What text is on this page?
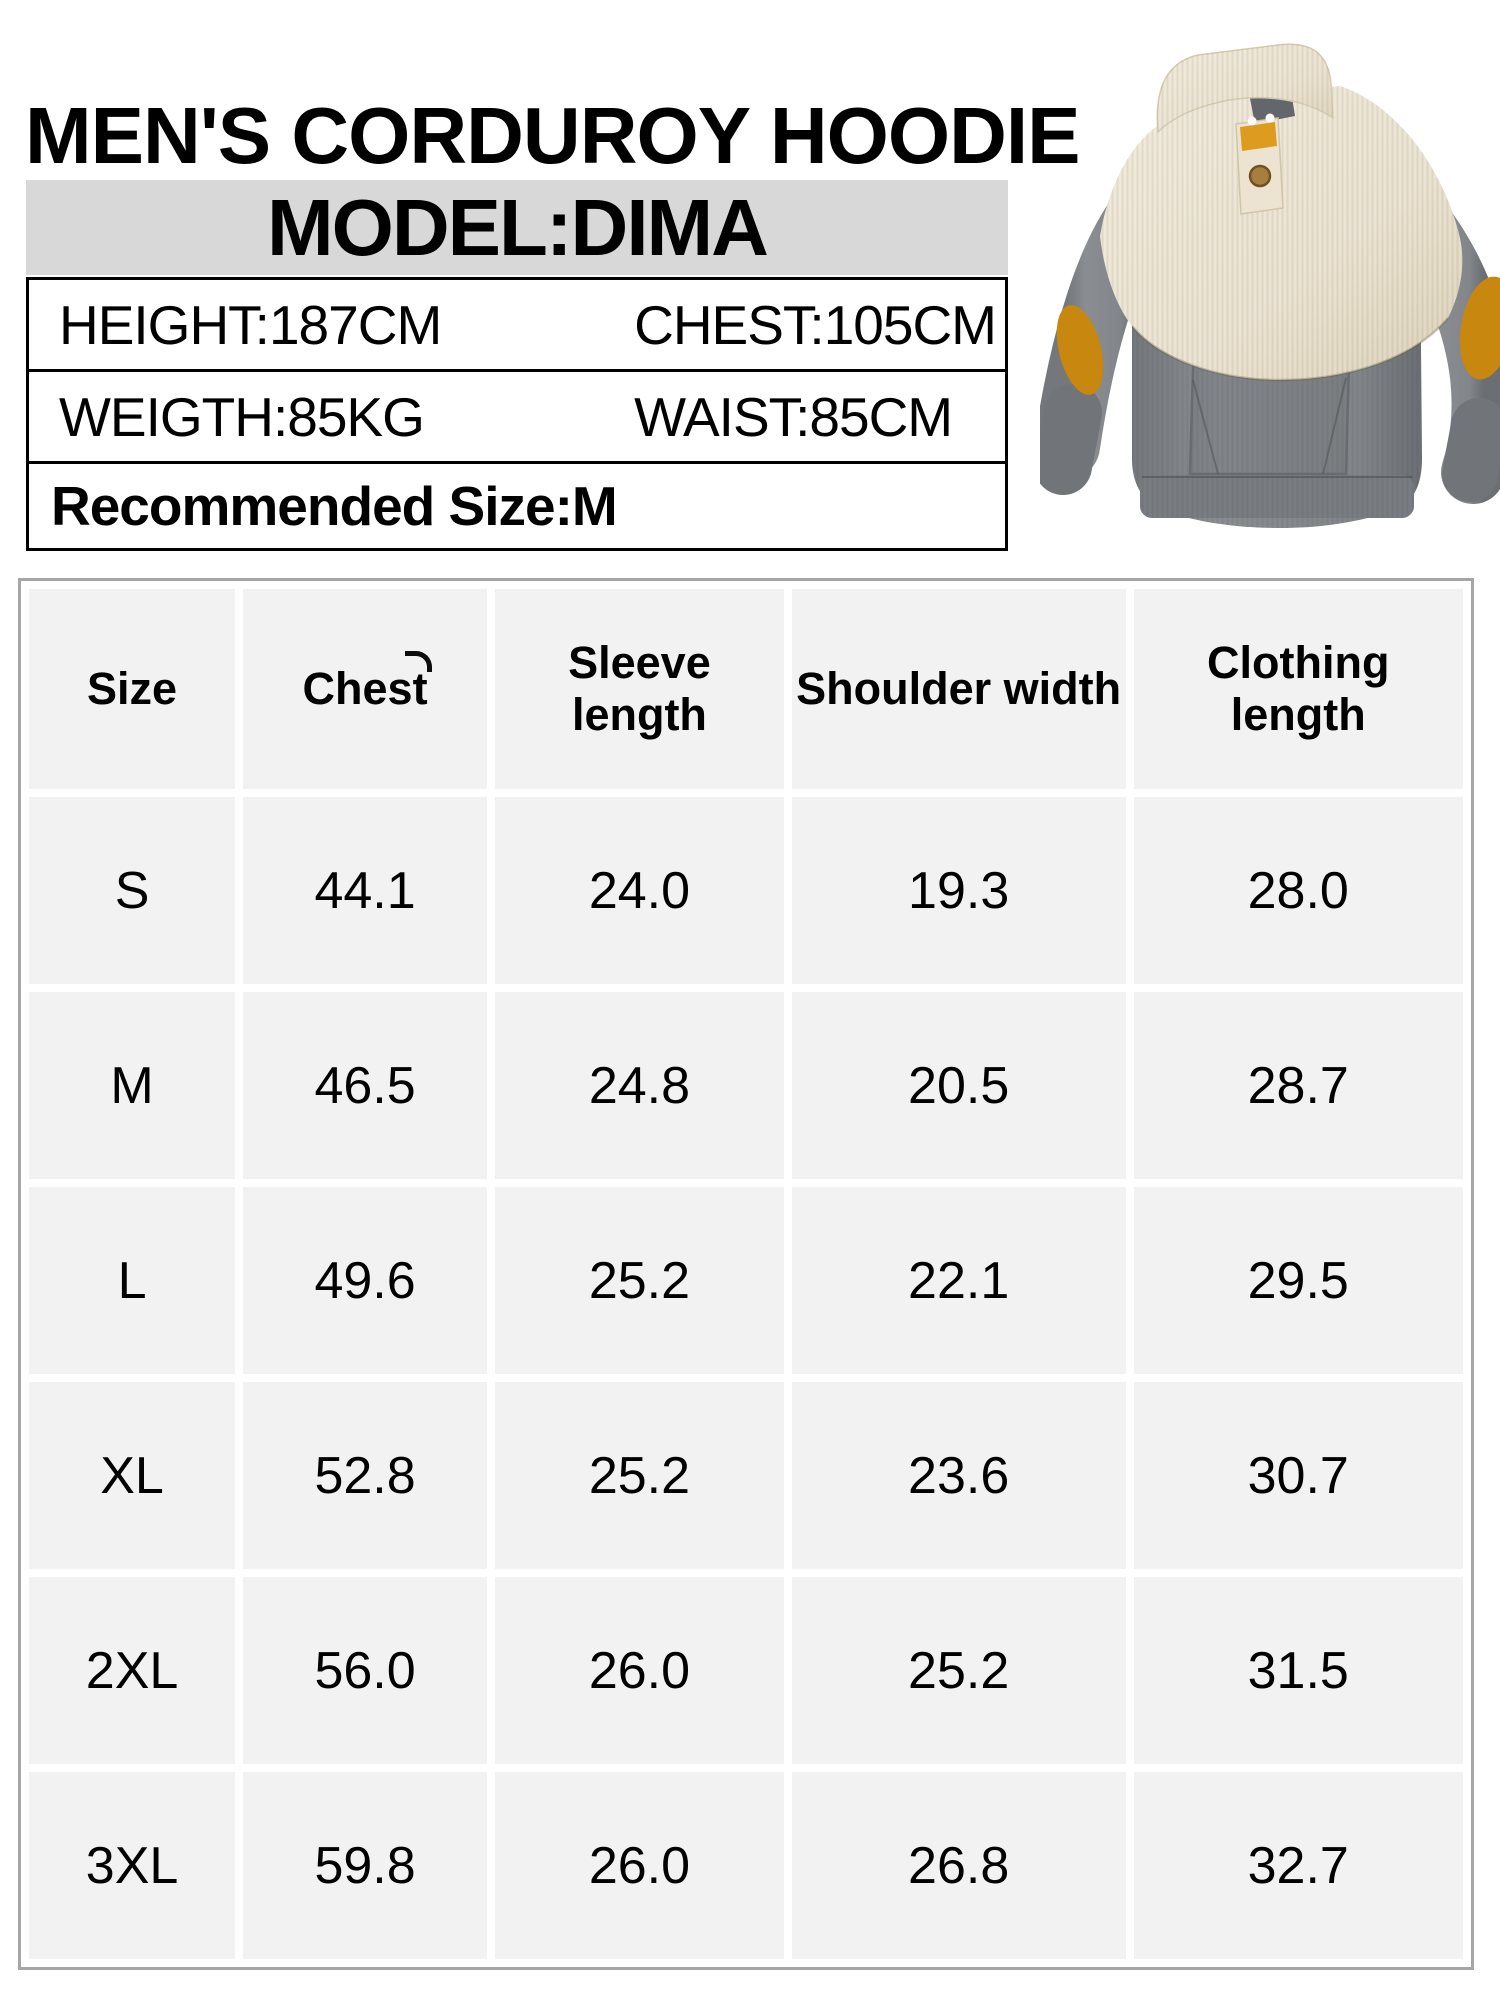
MEN'S CORDUROY HOODIE
MODEL:DIMA
HEIGHT:187CM	CHEST:105CM
WEIGTH:85KG	WAIST:85CM
Recommended Size:M
Size	Chest	Sleeve length	Shoulder width	Clothing length
S	44.1	24.0	19.3	28.0
M	46.5	24.8	20.5	28.7
L	49.6	25.2	22.1	29.5
XL	52.8	25.2	23.6	30.7
2XL	56.0	26.0	25.2	31.5
3XL	59.8	26.0	26.8	32.7
